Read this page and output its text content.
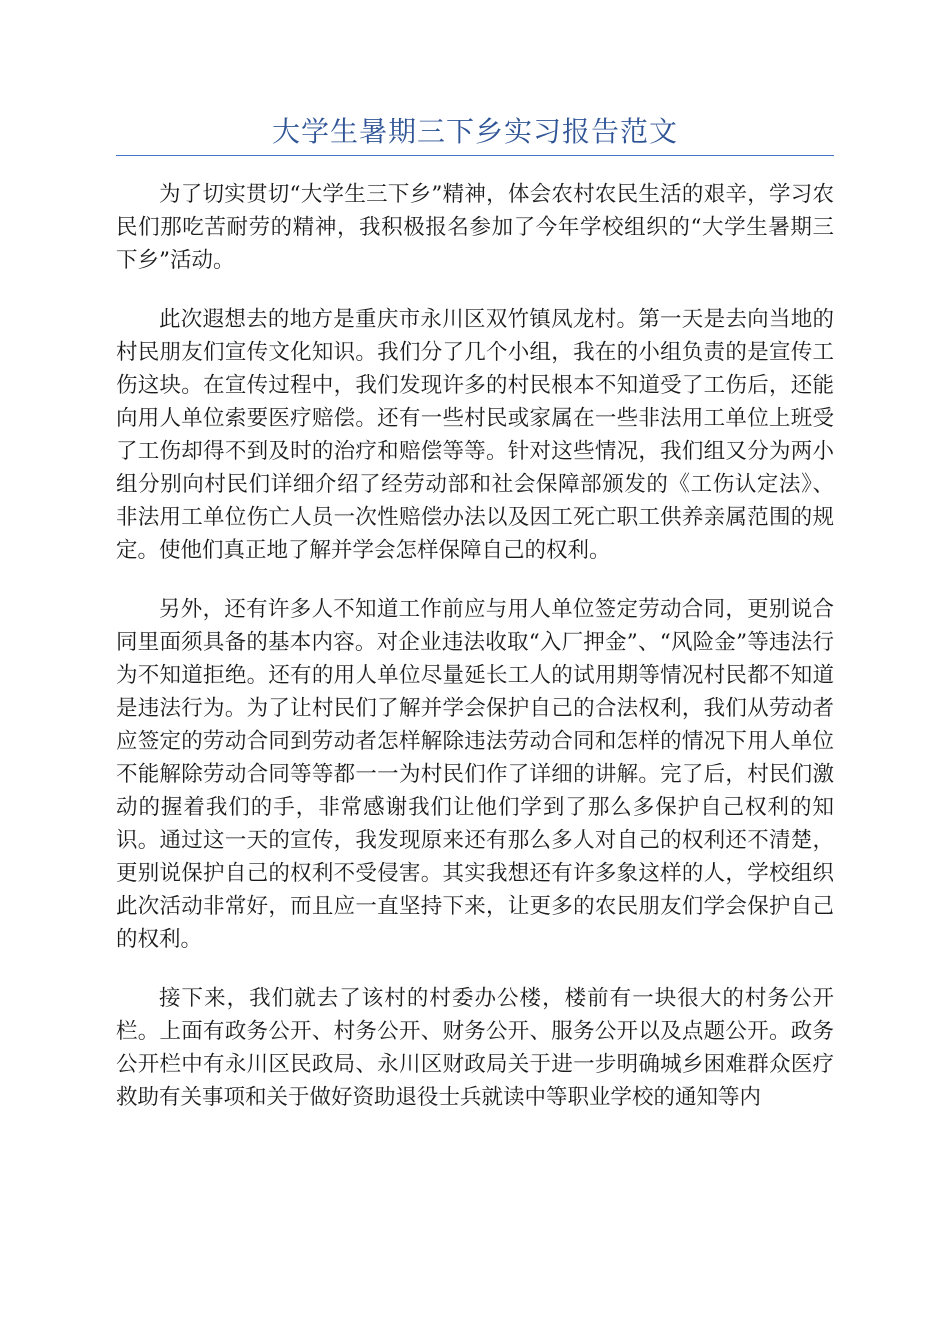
大学生暑期三下乡实习报告范文

为了切实贯切“大学生三下乡”精神，体会农村农民生活的艰辛，学习农民们那吃苦耐劳的精神，我积极报名参加了今年学校组织的“大学生暑期三下乡”活动。

此次遐想去的地方是重庆市永川区双竹镇凤龙村。第一天是去向当地的村民朋友们宣传文化知识。我们分了几个小组，我在的小组负责的是宣传工伤这块。在宣传过程中，我们发现许多的村民根本不知道受了工伤后，还能向用人单位索要医疗赔偿。还有一些村民或家属在一些非法用工单位上班受了工伤却得不到及时的治疗和赔偿等等。针对这些情况，我们组又分为两小组分别向村民们详细介绍了经劳动部和社会保障部颁发的《工伤认定法》、非法用工单位伤亡人员一次性赔偿办法以及因工死亡职工供养亲属范围的规定。使他们真正地了解并学会怎样保障自己的权利。

另外，还有许多人不知道工作前应与用人单位签定劳动合同，更别说合同里面须具备的基本内容。对企业违法收取“入厂押金”、“风险金”等违法行为不知道拒绝。还有的用人单位尽量延长工人的试用期等情况村民都不知道是违法行为。为了让村民们了解并学会保护自己的合法权利，我们从劳动者应签定的劳动合同到劳动者怎样解除违法劳动合同和怎样的情况下用人单位不能解除劳动合同等等都一一为村民们作了详细的讲解。完了后，村民们激动的握着我们的手，非常感谢我们让他们学到了那么多保护自己权利的知识。通过这一天的宣传，我发现原来还有那么多人对自己的权利还不清楚，更别说保护自己的权利不受侵害。其实我想还有许多象这样的人，学校组织此次活动非常好，而且应一直坚持下来，让更多的农民朋友们学会保护自己的权利。

接下来，我们就去了该村的村委办公楼，楼前有一块很大的村务公开栏。上面有政务公开、村务公开、财务公开、服务公开以及点题公开。政务公开栏中有永川区民政局、永川区财政局关于进一步明确城乡困难群众医疗救助有关事项和关于做好资助退役士兵就读中等职业学校的通知等内
